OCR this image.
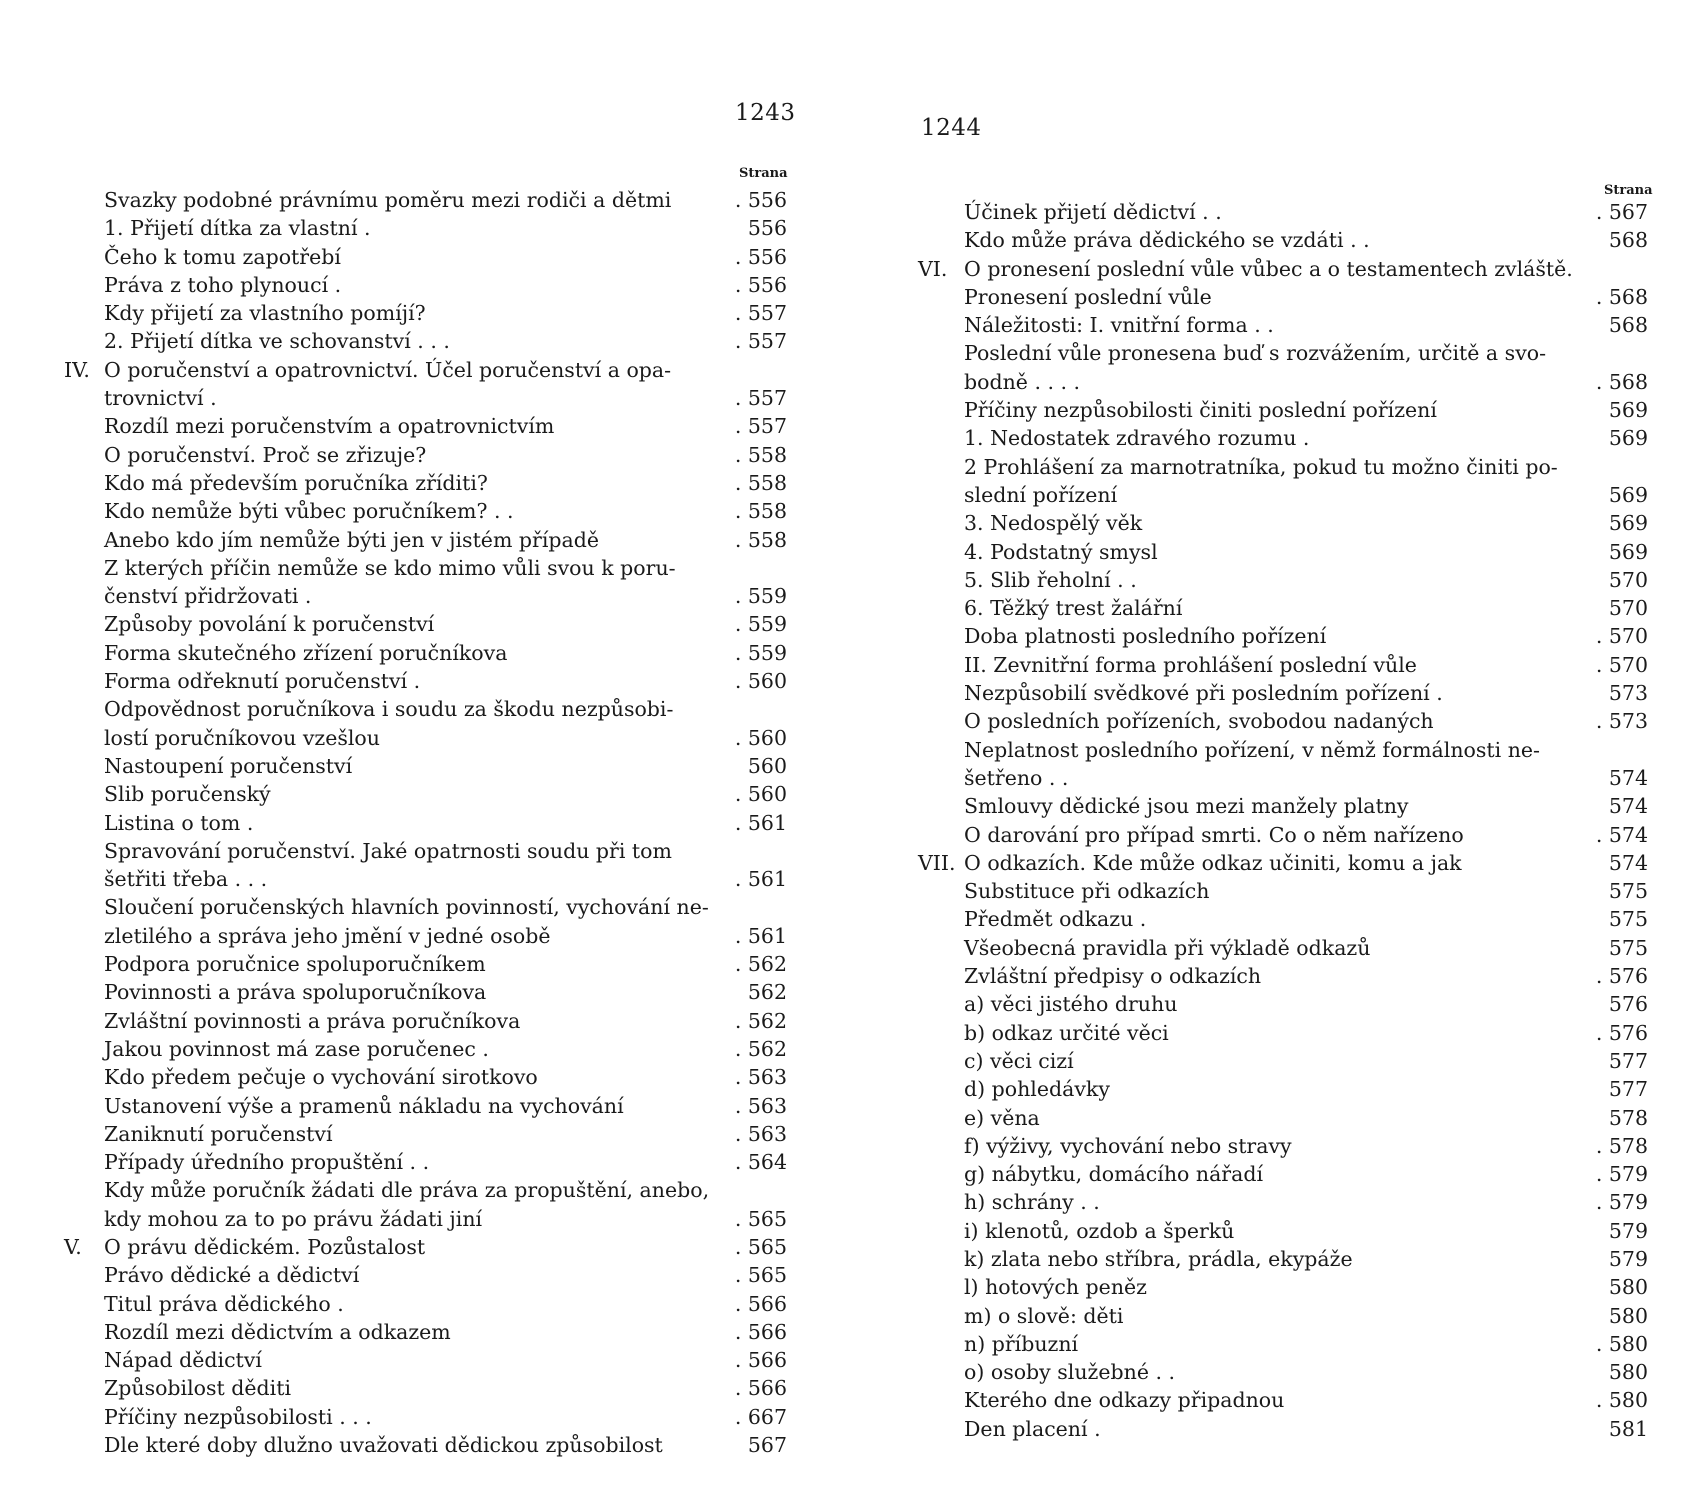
1243
Strana
Svazky podobné právnímu poměru mezi rodiči a dětmi	. 556
1. Přijetí dítka za vlastní .	556
Čeho k tomu zapotřebí	. 556
Práva z toho plynoucí .	. 556
Kdy přijetí za vlastního pomíjí?	. 557
2. Přijetí dítka ve schovanství . . .	. 557
IV. O poručenství a opatrovnictví. Účel poručenství a opa-
trovnictví .	. 557
Rozdíl mezi poručenstvím a opatrovnictvím	. 557
O poručenství. Proč se zřizuje?	. 558
Kdo má především poručníka zříditi?	. 558
Kdo nemůže býti vůbec poručníkem? . .	. 558
Anebo kdo jím nemůže býti jen v jistém případě	. 558
Z kterých příčin nemůže se kdo mimo vůli svou k poru-
čenství přidržovati .	. 559
Způsoby povolání k poručenství	. 559
Forma skutečného zřízení poručníkova	. 559
Forma odřeknutí poručenství .	. 560
Odpovědnost poručníkova i soudu za škodu nezpůsobi-
lostí poručníkovou vzešlou	. 560
Nastoupení poručenství	560
Slib poručenský	. 560
Listina o tom .	. 561
Spravování poručenství. Jaké opatrnosti soudu při tom
šetřiti třeba . . .	. 561
Sloučení poručenských hlavních povinností, vychování ne-
zletilého a správa jeho jmění v jedné osobě	. 561
Podpora poručnice spoluporučníkem	. 562
Povinnosti a práva spoluporučníkova	562
Zvláštní povinnosti a práva poručníkova	. 562
Jakou povinnost má zase poručenec .	. 562
Kdo předem pečuje o vychování sirotkovo	. 563
Ustanovení výše a pramenů nákladu na vychování	. 563
Zaniknutí poručenství	. 563
Případy úředního propuštění . .	. 564
Kdy může poručník žádati dle práva za propuštění, anebo,
kdy mohou za to po právu žádati jiní	. 565
V. O právu dědickém. Pozůstalost	. 565
Právo dědické a dědictví	. 565
Titul práva dědického .	. 566
Rozdíl mezi dědictvím a odkazem	. 566
Nápad dědictví	. 566
Způsobilost děditi	. 566
Příčiny nezpůsobilosti . . .	. 667
Dle které doby dlužno uvažovati dědickou způsobilost	567
1244
Strana
Účinek přijetí dědictví . .	. 567
Kdo může práva dědického se vzdáti . .	568
VI. O pronesení poslední vůle vůbec a o testamentech zvláště.
Pronesení poslední vůle	. 568
Náležitosti: I. vnitřní forma . .	568
Poslední vůle pronesena buď s rozvážením, určitě a svo-
bodně . . . .	. 568
Příčiny nezpůsobilosti činiti poslední pořízení	569
1. Nedostatek zdravého rozumu .	569
2 Prohlášení za marnotratníka, pokud tu možno činiti po-
slední pořízení	569
3. Nedospělý věk	569
4. Podstatný smysl	569
5. Slib řeholní . .	570
6. Těžký trest žalářní	570
Doba platnosti posledního pořízení	. 570
II. Zevnitřní forma prohlášení poslední vůle	. 570
Nezpůsobilí svědkové při posledním pořízení .	573
O posledních pořízeních, svobodou nadaných	. 573
Neplatnost posledního pořízení, v němž formálnosti ne-
šetřeno . .	574
Smlouvy dědické jsou mezi manžely platny	574
O darování pro případ smrti. Co o něm nařízeno	. 574
VII. O odkazích. Kde může odkaz učiniti, komu a jak	574
Substituce při odkazích	575
Předmět odkazu .	575
Všeobecná pravidla při výkladě odkazů	575
Zvláštní předpisy o odkazích	. 576
a) věci jistého druhu	576
b) odkaz určité věci	. 576
c) věci cizí	577
d) pohledávky	577
e) věna	578
f) výživy, vychování nebo stravy	. 578
g) nábytku, domácího nářadí	. 579
h) schrány . .	. 579
i) klenotů, ozdob a šperků	579
k) zlata nebo stříbra, prádla, ekypáže	579
l) hotových peněz	580
m) o slově: děti	580
n) příbuzní	. 580
o) osoby služebné . .	580
Kterého dne odkazy připadnou	. 580
Den placení .	581
